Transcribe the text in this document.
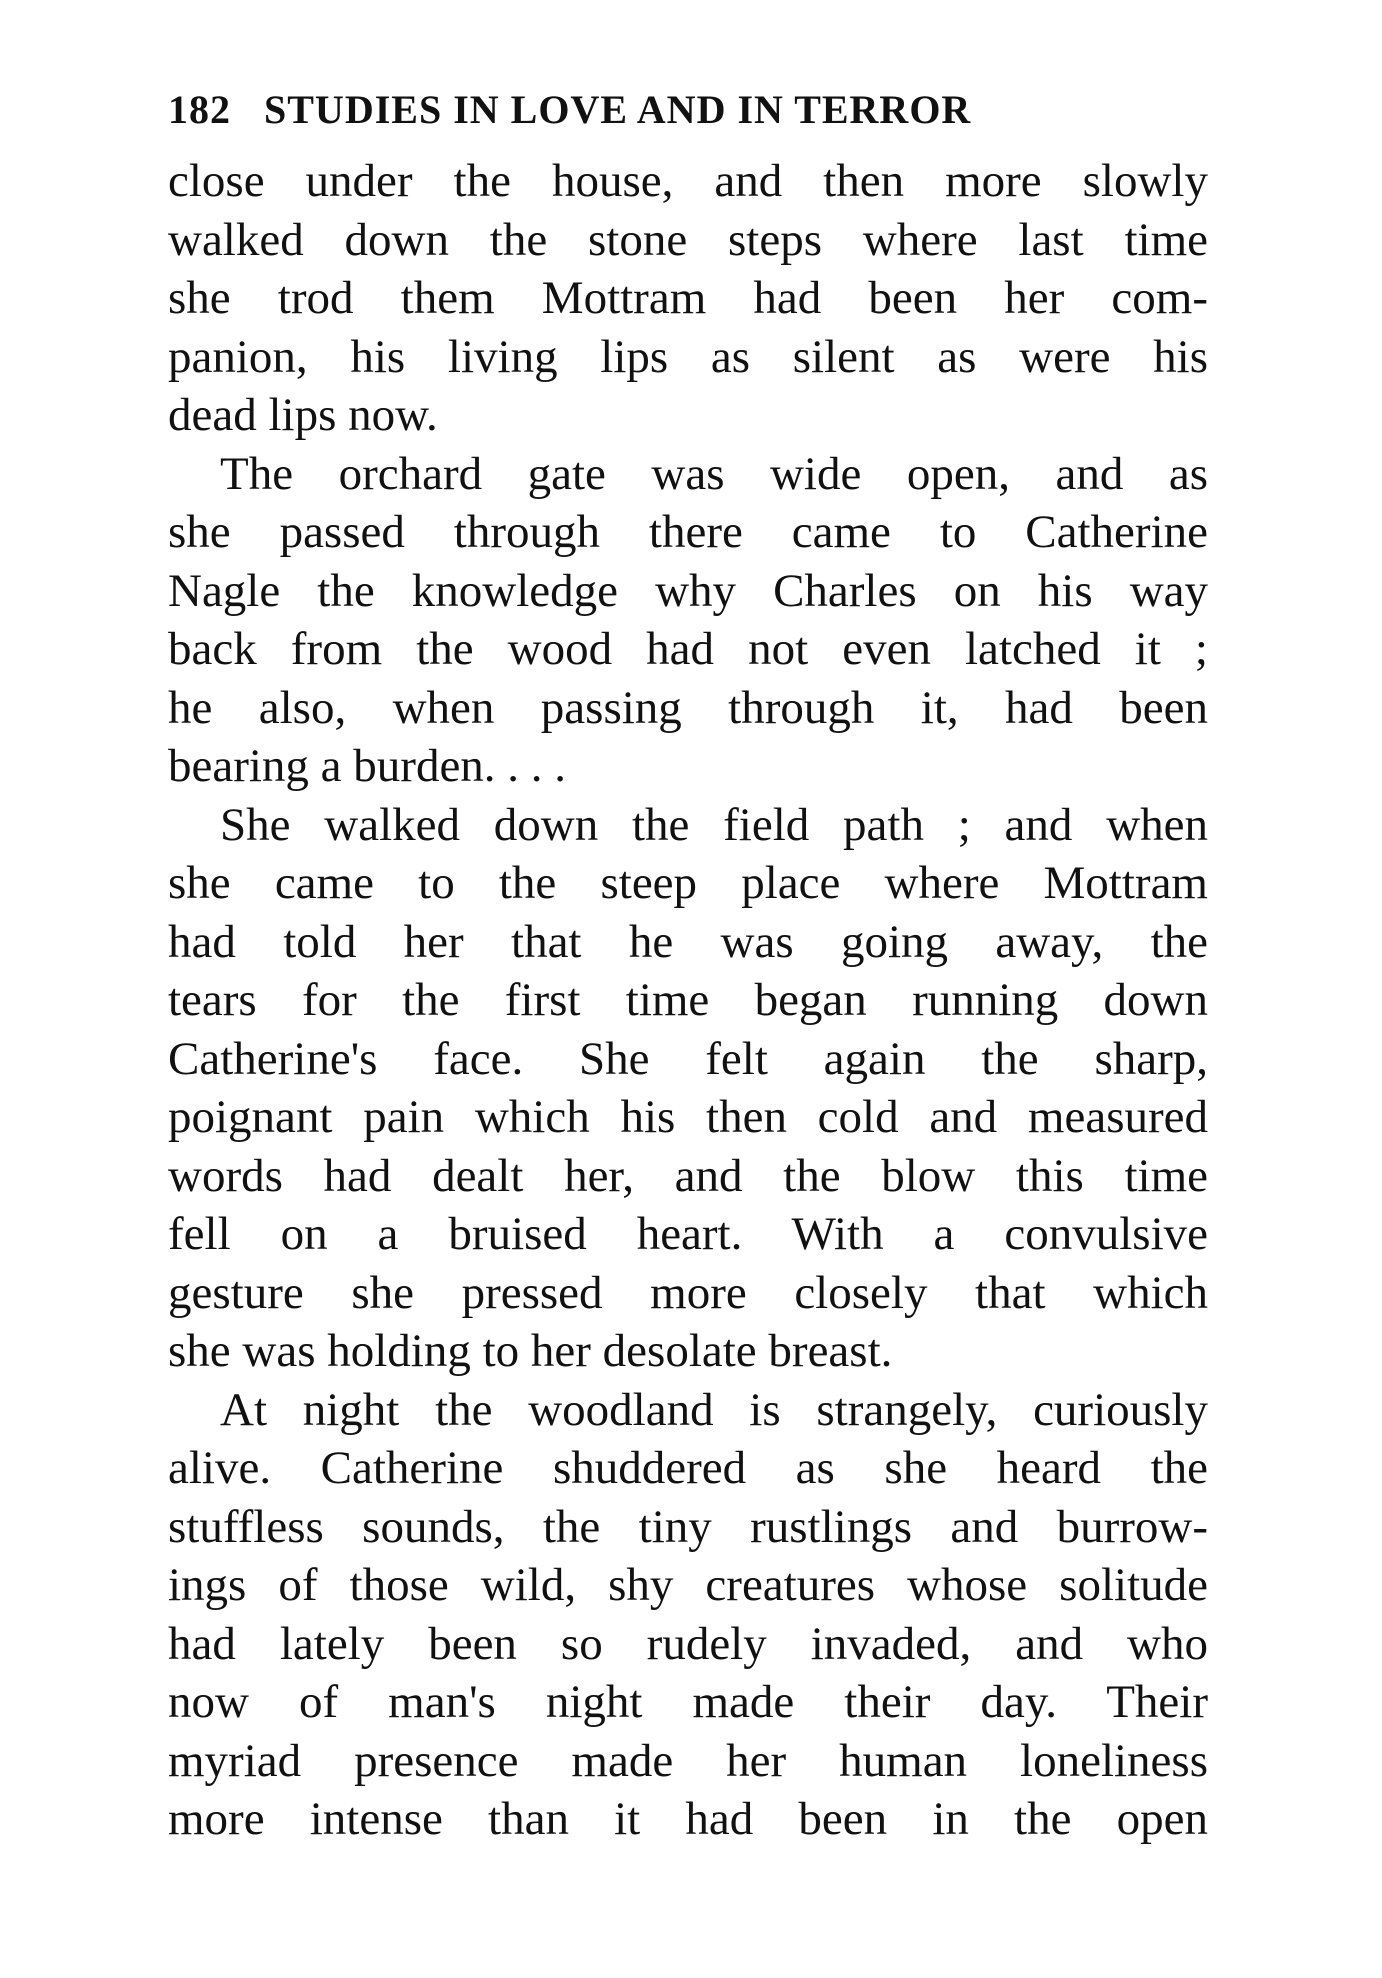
182 STUDIES IN LOVE AND IN TERROR
close under the house, and then more slowly
walked down the stone steps where last time
she trod them Mottram had been her com-
panion, his living lips as silent as were his
dead lips now.
The orchard gate was wide open, and as
she passed through there came to Catherine
Nagle the knowledge why Charles on his way
back from the wood had not even latched it ;
he also, when passing through it, had been
bearing a burden. . . .
She walked down the field path ; and when
she came to the steep place where Mottram
had told her that he was going away, the
tears for the first time began running down
Catherine's face. She felt again the sharp,
poignant pain which his then cold and measured
words had dealt her, and the blow this time
fell on a bruised heart. With a convulsive
gesture she pressed more closely that which
she was holding to her desolate breast.
At night the woodland is strangely, curiously
alive. Catherine shuddered as she heard the
stuffless sounds, the tiny rustlings and burrow-
ings of those wild, shy creatures whose solitude
had lately been so rudely invaded, and who
now of man's night made their day. Their
myriad presence made her human loneliness
more intense than it had been in the open
